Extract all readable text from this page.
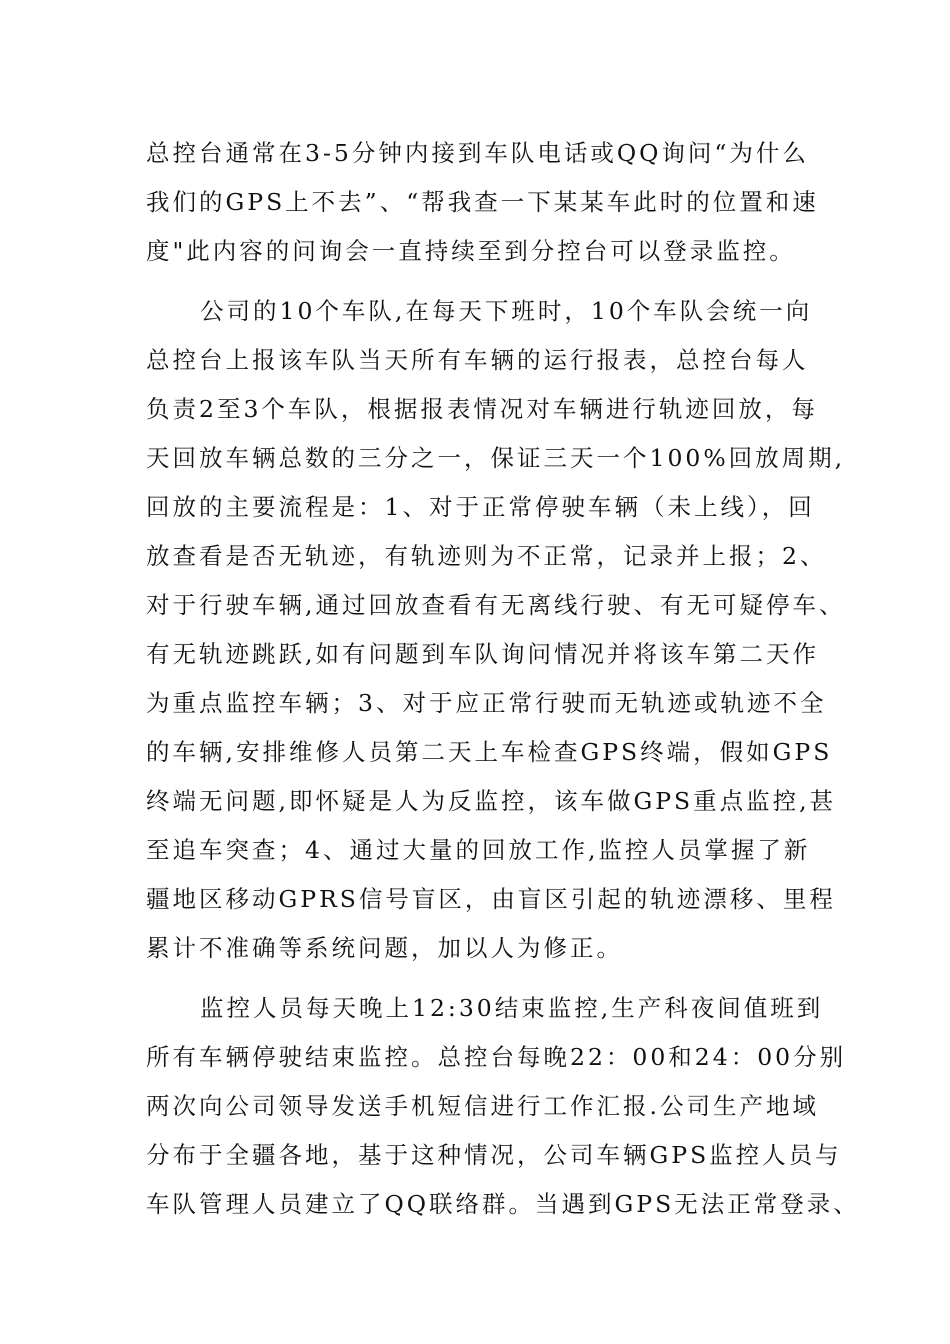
总控台通常在3-5分钟内接到车队电话或QQ询问“为什么
我们的GPS上不去”、“帮我查一下某某车此时的位置和速
度"此内容的问询会一直持续至到分控台可以登录监控。
公司的10个车队,在每天下班时，10个车队会统一向
总控台上报该车队当天所有车辆的运行报表，总控台每人
负责2至3个车队，根据报表情况对车辆进行轨迹回放，每
天回放车辆总数的三分之一，保证三天一个100%回放周期,
回放的主要流程是：1、对于正常停驶车辆（未上线），回
放查看是否无轨迹，有轨迹则为不正常，记录并上报；2、
对于行驶车辆,通过回放查看有无离线行驶、有无可疑停车、
有无轨迹跳跃,如有问题到车队询问情况并将该车第二天作
为重点监控车辆；3、对于应正常行驶而无轨迹或轨迹不全
的车辆,安排维修人员第二天上车检查GPS终端，假如GPS
终端无问题,即怀疑是人为反监控，该车做GPS重点监控,甚
至追车突查；4、通过大量的回放工作,监控人员掌握了新
疆地区移动GPRS信号盲区，由盲区引起的轨迹漂移、里程
累计不准确等系统问题，加以人为修正。
监控人员每天晚上12:30结束监控,生产科夜间值班到
所有车辆停驶结束监控。总控台每晚22：00和24：00分别
两次向公司领导发送手机短信进行工作汇报.公司生产地域
分布于全疆各地，基于这种情况，公司车辆GPS监控人员与
车队管理人员建立了QQ联络群。当遇到GPS无法正常登录、
